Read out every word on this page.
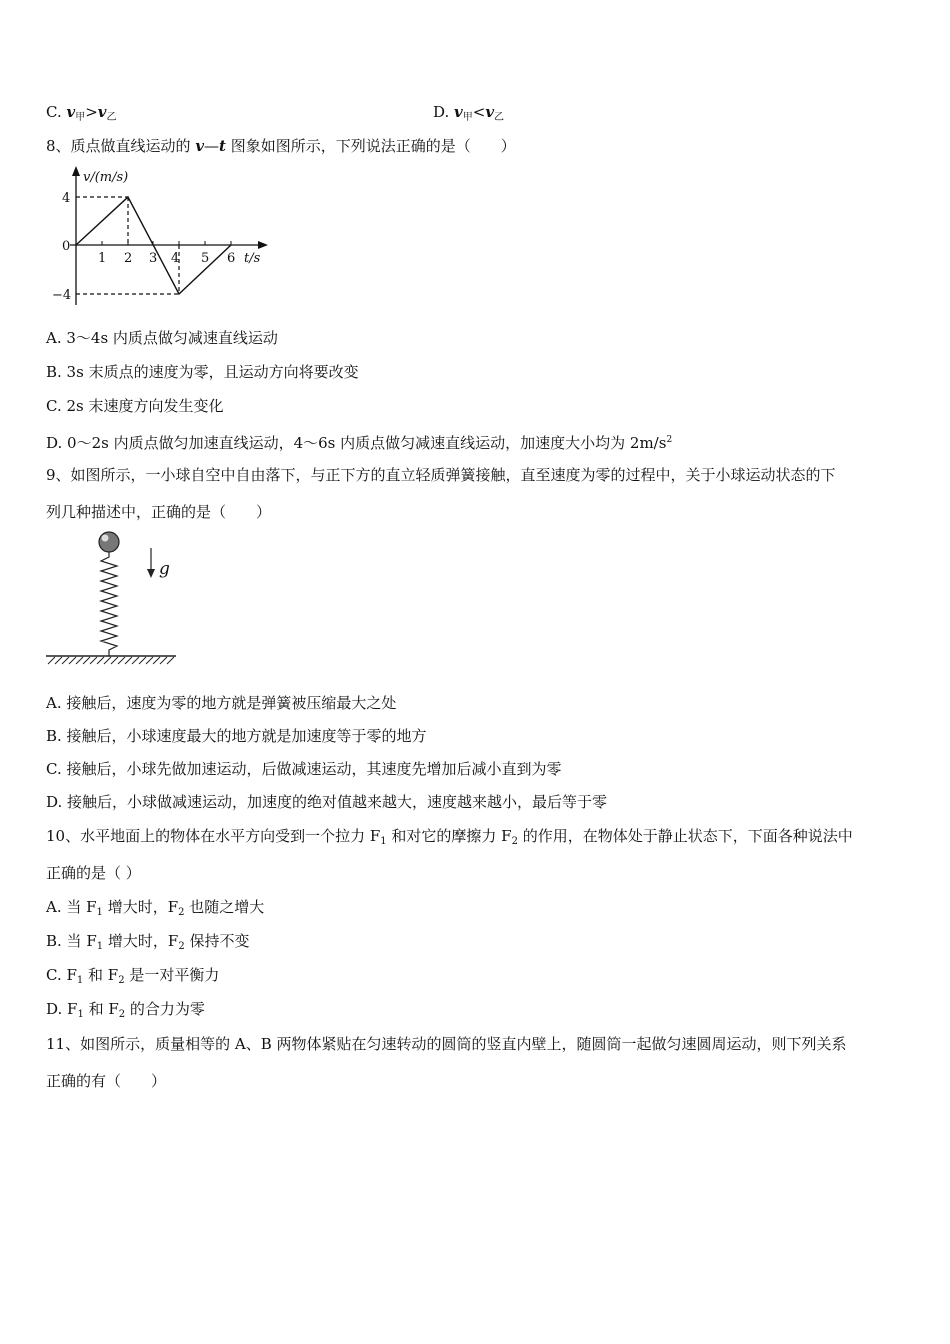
C. $v_甲>v_乙$	D. $v_甲<v_乙$
8、质点做直线运动的 v—t 图象如图所示，下列说法正确的是（　　）
v/(m/s)
0
4
−4
1 2 3 4 5 6 t/s
g
A. 3～4s 内质点做匀减速直线运动
B. 3s 末质点的速度为零，且运动方向将要改变
C. 2s 末速度方向发生变化
D. 0～2s 内质点做匀加速直线运动，4～6s 内质点做匀减速直线运动，加速度大小均为 $2m/s^2$
9、如图所示，一小球自空中自由落下，与正下方的直立轻质弹簧接触，直至速度为零的过程中，关于小球运动状态的下
列几种描述中，正确的是（　　）
A. 接触后，速度为零的地方就是弹簧被压缩最大之处
B. 接触后，小球速度最大的地方就是加速度等于零的地方
C. 接触后，小球先做加速运动，后做减速运动，其速度先增加后减小直到为零
D. 接触后，小球做减速运动，加速度的绝对值越来越大，速度越来越小，最后等于零
10、水平地面上的物体在水平方向受到一个拉力 $F_1$ 和对它的摩擦力 $F_2$ 的作用，在物体处于静止状态下，下面各种说法中
正确的是（ ）
A. 当 $F_1$ 增大时，$F_2$ 也随之增大
B. 当 $F_1$ 增大时，$F_2$ 保持不变
C. $F_1$ 和 $F_2$ 是一对平衡力
D. $F_1$ 和 $F_2$ 的合力为零
11、如图所示，质量相等的 A、B 两物体紧贴在匀速转动的圆筒的竖直内壁上，随圆筒一起做匀速圆周运动，则下列关系
正确的有（　　）
